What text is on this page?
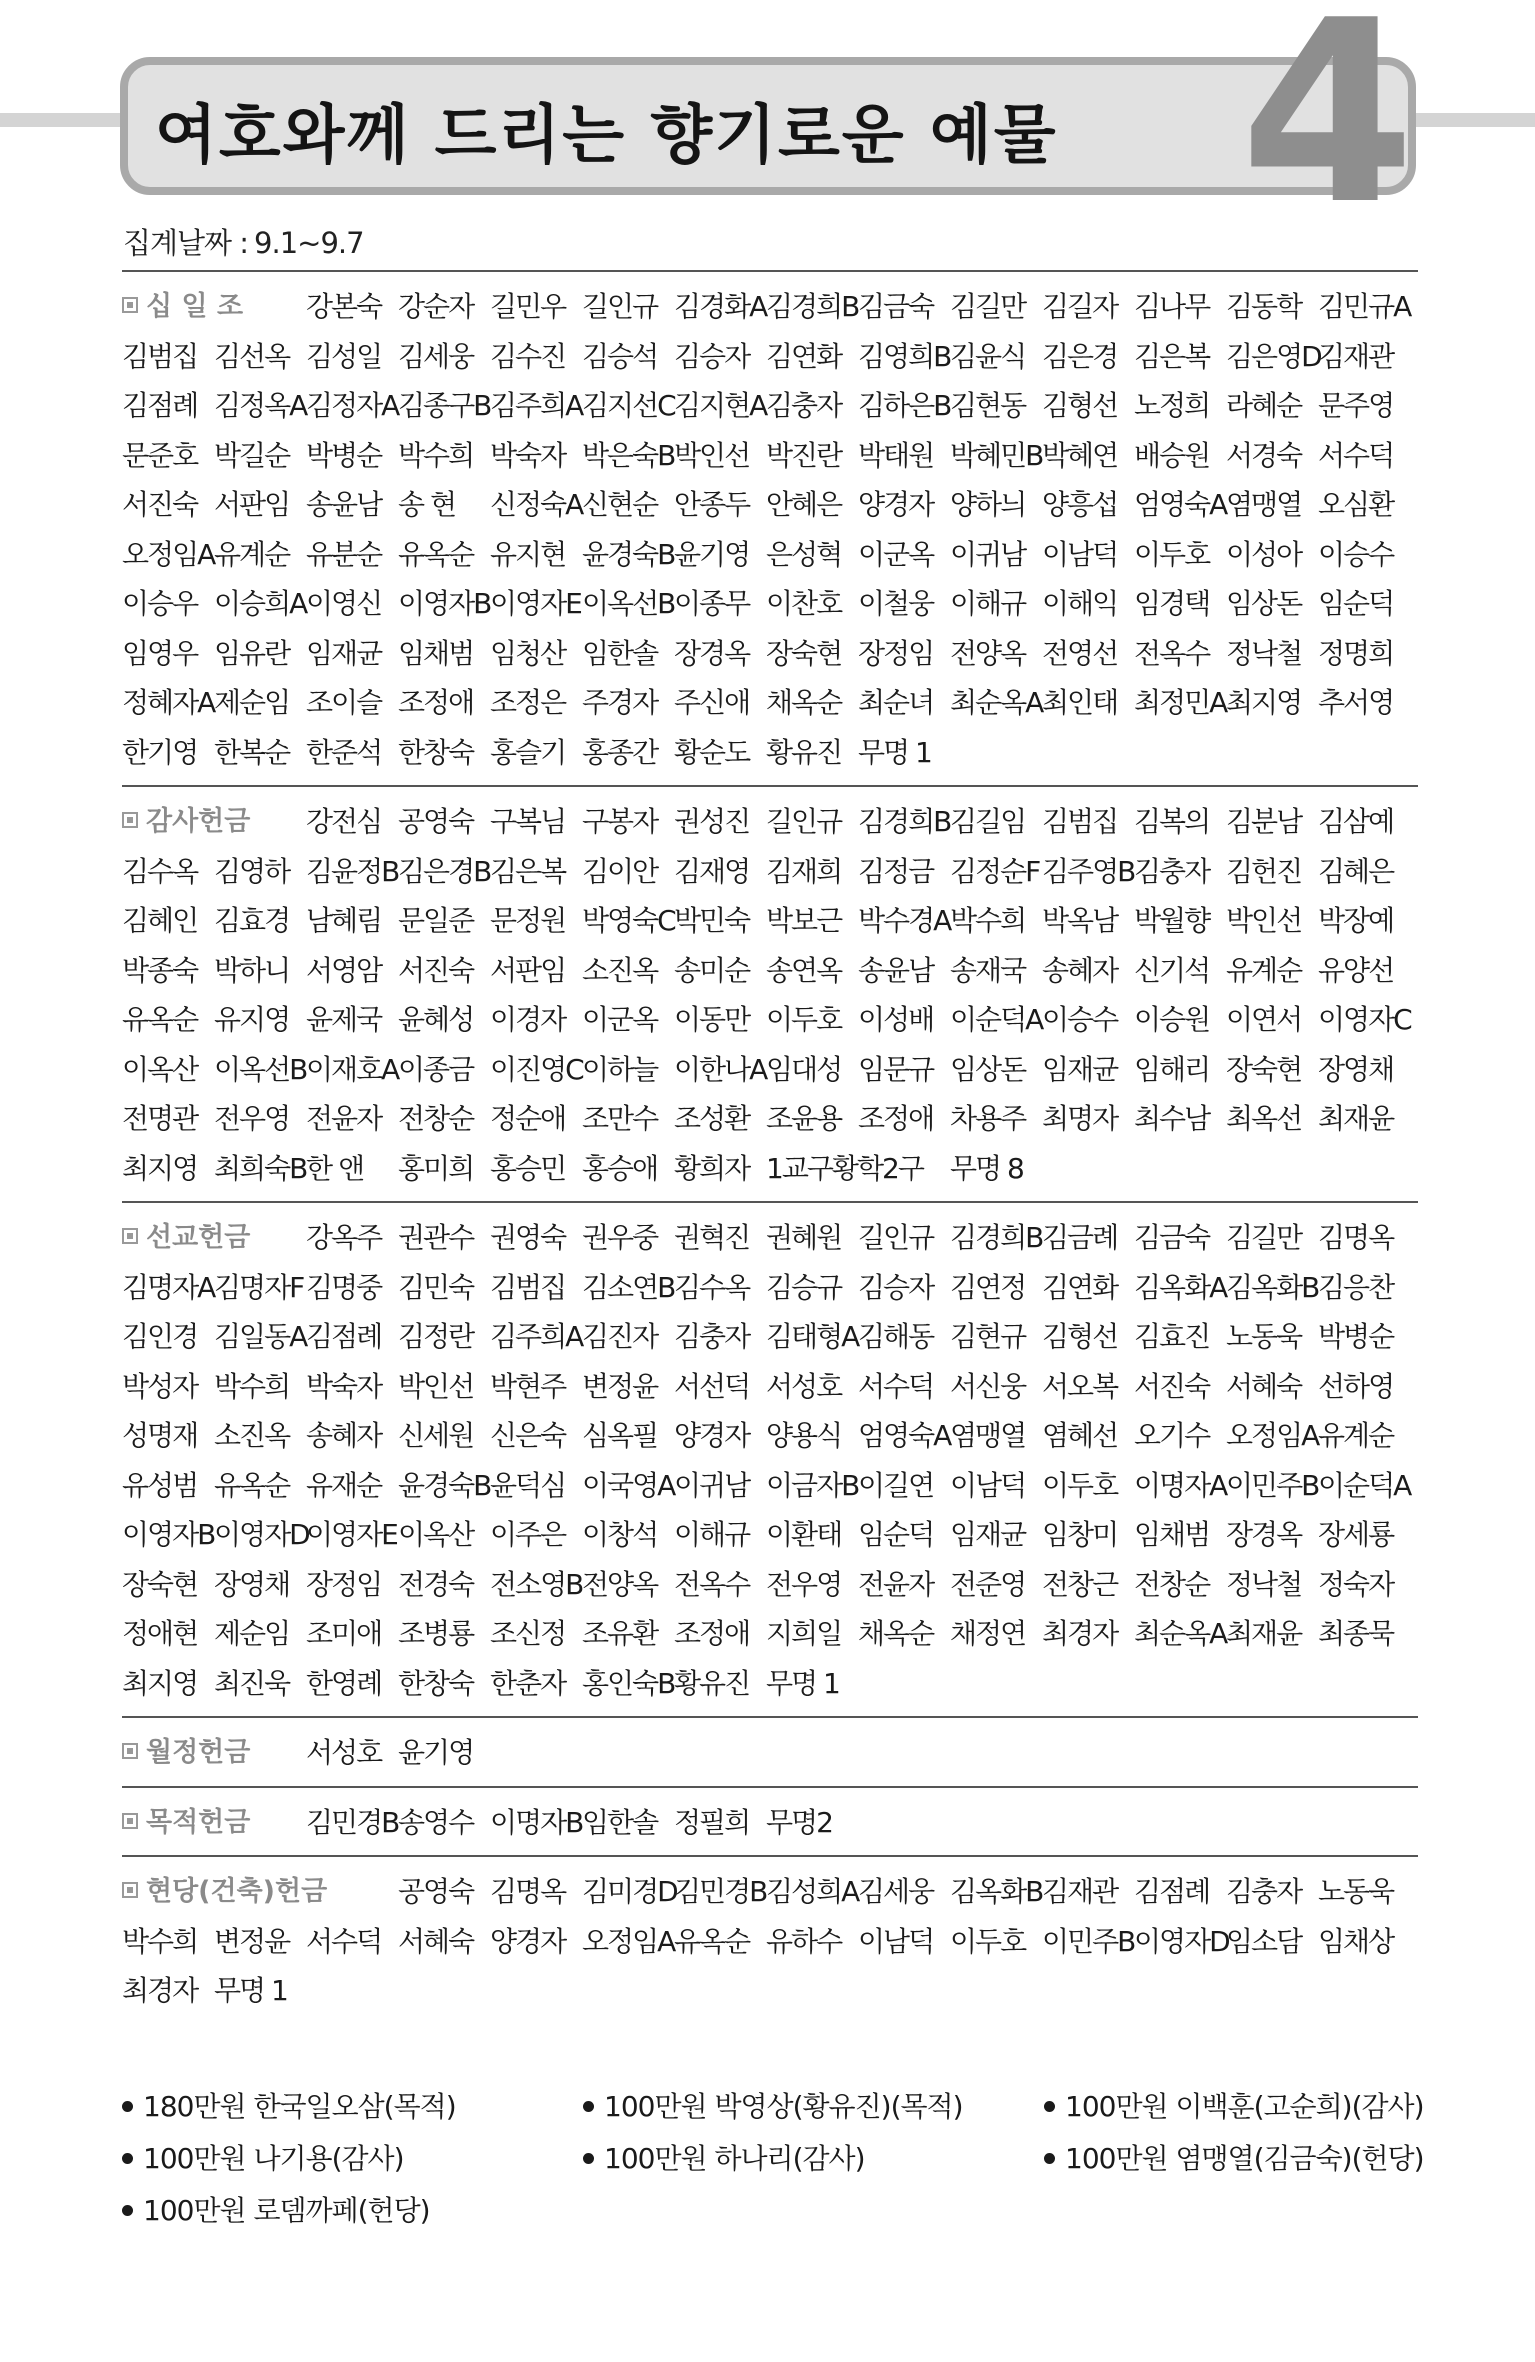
여호와께 드리는 향기로운 예물 4
집계날짜 : 9.1~9.7
십 일 조	강본숙 강순자 길민우 길인규 김경화A 김경희B 김금숙 김길만 김길자 김나무 김동학 김민규A
김범집 김선옥 김성일 김세웅 김수진 김승석 김승자 김연화 김영희B 김윤식 김은경 김은복 김은영D
김재관
김점례 김정옥A 김정자A 김종구B 김주희A 김지선C 김지현A 김충자 김하은B 김현동 김형선 노정희 라혜순 문주영
문준호 박길순 박병순 박수희 박숙자 박은숙B 박인선 박진란 박태원 박혜민B 박혜연 배승원 서경숙 서수덕
서진숙 서판임 송윤남 송 현	신정숙A 신현순 안종두 안혜은 양경자 양하늬 양흥섭 엄영숙A 염맹열 오심환
오정임A 유계순 유분순 유옥순 유지현 윤경숙B 윤기영 은성혁 이군옥 이귀남 이남덕 이두호 이성아 이승수
이승우 이승희A 이영신 이영자B 이영자E 이옥선B 이종무 이찬호 이철웅 이해규 이해익 임경택 임상돈 임순덕
임영우 임유란 임재균 임채범 임청산 임한솔 장경옥 장숙현 장정임 전양옥 전영선 전옥수 정낙철 정명희
정혜자A 제순임 조이슬 조정애 조정은 주경자 주신애 채옥순 최순녀 최순옥A 최인태 최정민A 최지영 추서영
한기영 한복순 한준석 한창숙 홍슬기 홍종간 황순도 황유진 무명 1
감사헌금	강전심 공영숙 구복님 구봉자 권성진 길인규 김경희B 김길임 김범집 김복의 김분남 김삼예
김수옥 김영하 김윤정B 김은경B 김은복 김이안 김재영 김재희 김정금 김정순F 김주영B 김충자 김헌진 김혜은
김혜인 김효경 남혜림 문일준 문정원 박영숙C 박민숙 박보근 박수경A 박수희 박옥남 박월향 박인선 박장예
박종숙 박하니 서영암 서진숙 서판임 소진옥 송미순 송연옥 송윤남 송재국 송혜자 신기석 유계순 유양선
유옥순 유지영 윤제국 윤혜성 이경자 이군옥 이동만 이두호 이성배 이순덕A 이승수 이승원 이연서 이영자C
이옥산 이옥선B 이재호A 이종금 이진영C 이하늘 이한나A 임대성 임문규 임상돈 임재균 임해리 장숙현 장영채
전명관 전우영 전윤자 전창순 정순애 조만수 조성환 조윤용 조정애 차용주 최명자 최수남 최옥선 최재윤
최지영 최희숙B 한 앤	홍미희 홍승민 홍승애 황희자 1교구황학2구 무명 8
선교헌금	강옥주 권관수 권영숙 권우중 권혁진 권혜원 길인규 김경희B 김금례 김금숙 김길만 김명옥
김명자A 김명자F 김명중 김민숙 김범집 김소연B 김수옥 김승규 김승자 김연정 김연화 김옥화A 김옥화B 김응찬
김인경 김일동A 김점례 김정란 김주희A 김진자 김충자 김태형A 김해동 김현규 김형선 김효진 노동욱 박병순
박성자 박수희 박숙자 박인선 박현주 변정윤 서선덕 서성호 서수덕 서신웅 서오복 서진숙 서혜숙 선하영
성명재 소진옥 송혜자 신세원 신은숙 심옥필 양경자 양용식 엄영숙A 염맹열 염혜선 오기수 오정임A 유계순
유성범 유옥순 유재순 윤경숙B 윤덕심 이국영A 이귀남 이금자B 이길연 이남덕 이두호 이명자A 이민주B 이순덕A
이영자B 이영자D
이영자E 이옥산 이주은 이창석 이해규 이환태 임순덕 임재균 임창미 임채범 장경옥 장세룡
장숙현 장영채 장정임 전경숙 전소영B 전양옥 전옥수 전우영 전윤자 전준영 전창근 전창순 정낙철 정숙자
정애현 제순임 조미애 조병룡 조신정 조유환 조정애 지희일 채옥순 채정연 최경자 최순옥A 최재윤 최종묵
최지영 최진욱 한영례 한창숙 한춘자 홍인숙B 황유진 무명 1
월정헌금	서성호 윤기영
목적헌금	김민경B 송영수 이명자B 임한솔 정필희 무명2
현당(건축)헌금	공영숙 김명옥 김미경D
김민경B 김성희A 김세웅 김옥화B 김재관 김점례 김충자 노동욱
박수희 변정윤 서수덕 서혜숙 양경자 오정임A 유옥순 유하수 이남덕 이두호 이민주B 이영자D
임소담 임채상
최경자 무명 1
180만원 한국일오삼(목적)	100만원 박영상(황유진)(목적)	100만원 이백훈(고순희)(감사)
100만원 나기용(감사)	100만원 하나리(감사)	100만원 염맹열(김금숙)(헌당)
100만원 로뎀까페(헌당)
